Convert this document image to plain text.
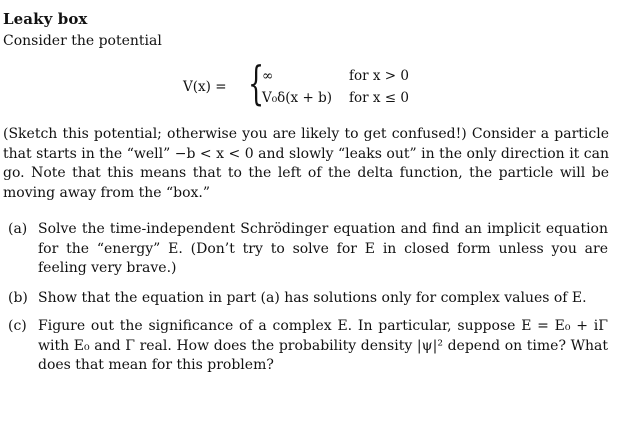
Leaky box
Consider the potential
V(x) = {
∞	for x > 0
V₀δ(x + b) for x ≤ 0
(Sketch this potential; otherwise you are likely to get confused!) Consider a particle that starts in the “well” −b < x < 0 and slowly “leaks out” in the only direction it can go. Note that this means that to the left of the delta function, the particle will be moving away from the “box.”
(a) Solve the time-independent Schrödinger equation and find an implicit equation for the “energy” E. (Don’t try to solve for E in closed form unless you are feeling very brave.)
(b) Show that the equation in part (a) has solutions only for complex values of E.
(c) Figure out the significance of a complex E. In particular, suppose E = E₀ + iΓ with E₀ and Γ real. How does the probability density |ψ|² depend on time? What does that mean for this problem?
